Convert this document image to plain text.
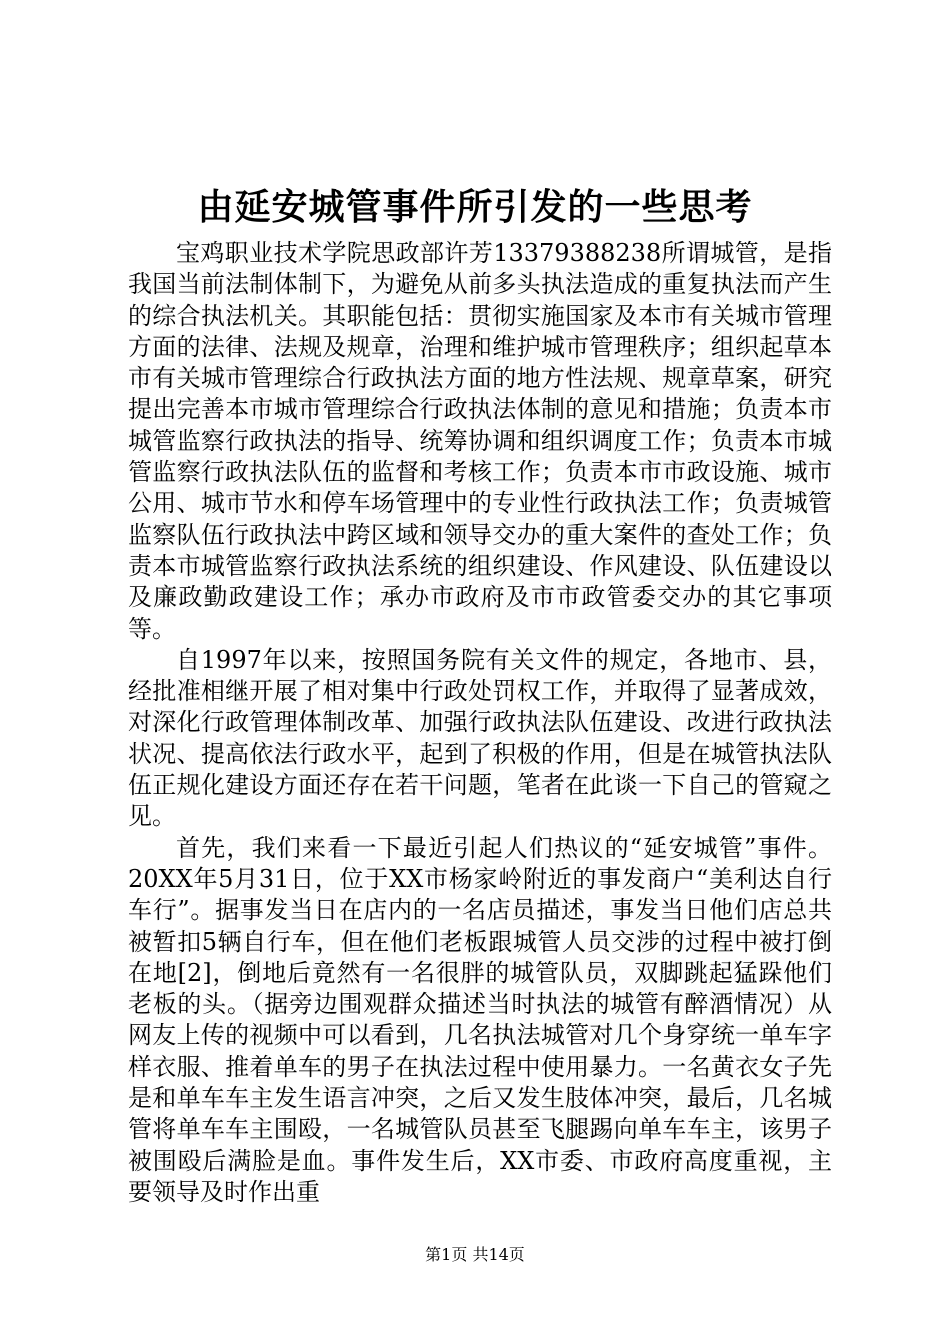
由延安城管事件所引发的一些思考

宝鸡职业技术学院思政部许芳13379388238所谓城管，是指我国当前法制体制下，为避免从前多头执法造成的重复执法而产生的综合执法机关。其职能包括：贯彻实施国家及本市有关城市管理方面的法律、法规及规章，治理和维护城市管理秩序；组织起草本市有关城市管理综合行政执法方面的地方性法规、规章草案，研究提出完善本市城市管理综合行政执法体制的意见和措施；负责本市城管监察行政执法的指导、统筹协调和组织调度工作；负责本市城管监察行政执法队伍的监督和考核工作；负责本市市政设施、城市公用、城市节水和停车场管理中的专业性行政执法工作；负责城管监察队伍行政执法中跨区域和领导交办的重大案件的查处工作；负责本市城管监察行政执法系统的组织建设、作风建设、队伍建设以及廉政勤政建设工作；承办市政府及市市政管委交办的其它事项等。

自1997年以来，按照国务院有关文件的规定，各地市、县，经批准相继开展了相对集中行政处罚权工作，并取得了显著成效，对深化行政管理体制改革、加强行政执法队伍建设、改进行政执法状况、提高依法行政水平，起到了积极的作用，但是在城管执法队伍正规化建设方面还存在若干问题，笔者在此谈一下自己的管窥之见。

首先，我们来看一下最近引起人们热议的“延安城管”事件。20XX年5月31日，位于XX市杨家岭附近的事发商户“美利达自行车行”。据事发当日在店内的一名店员描述，事发当日他们店总共被暂扣5辆自行车，但在他们老板跟城管人员交涉的过程中被打倒在地[2]，倒地后竟然有一名很胖的城管队员，双脚跳起猛跺他们老板的头。（据旁边围观群众描述当时执法的城管有醉酒情况）从网友上传的视频中可以看到，几名执法城管对几个身穿统一单车字样衣服、推着单车的男子在执法过程中使用暴力。一名黄衣女子先是和单车车主发生语言冲突，之后又发生肢体冲突，最后，几名城管将单车车主围殴，一名城管队员甚至飞腿踢向单车车主，该男子被围殴后满脸是血。事件发生后，XX市委、市政府高度重视，主要领导及时作出重

第1页 共14页
